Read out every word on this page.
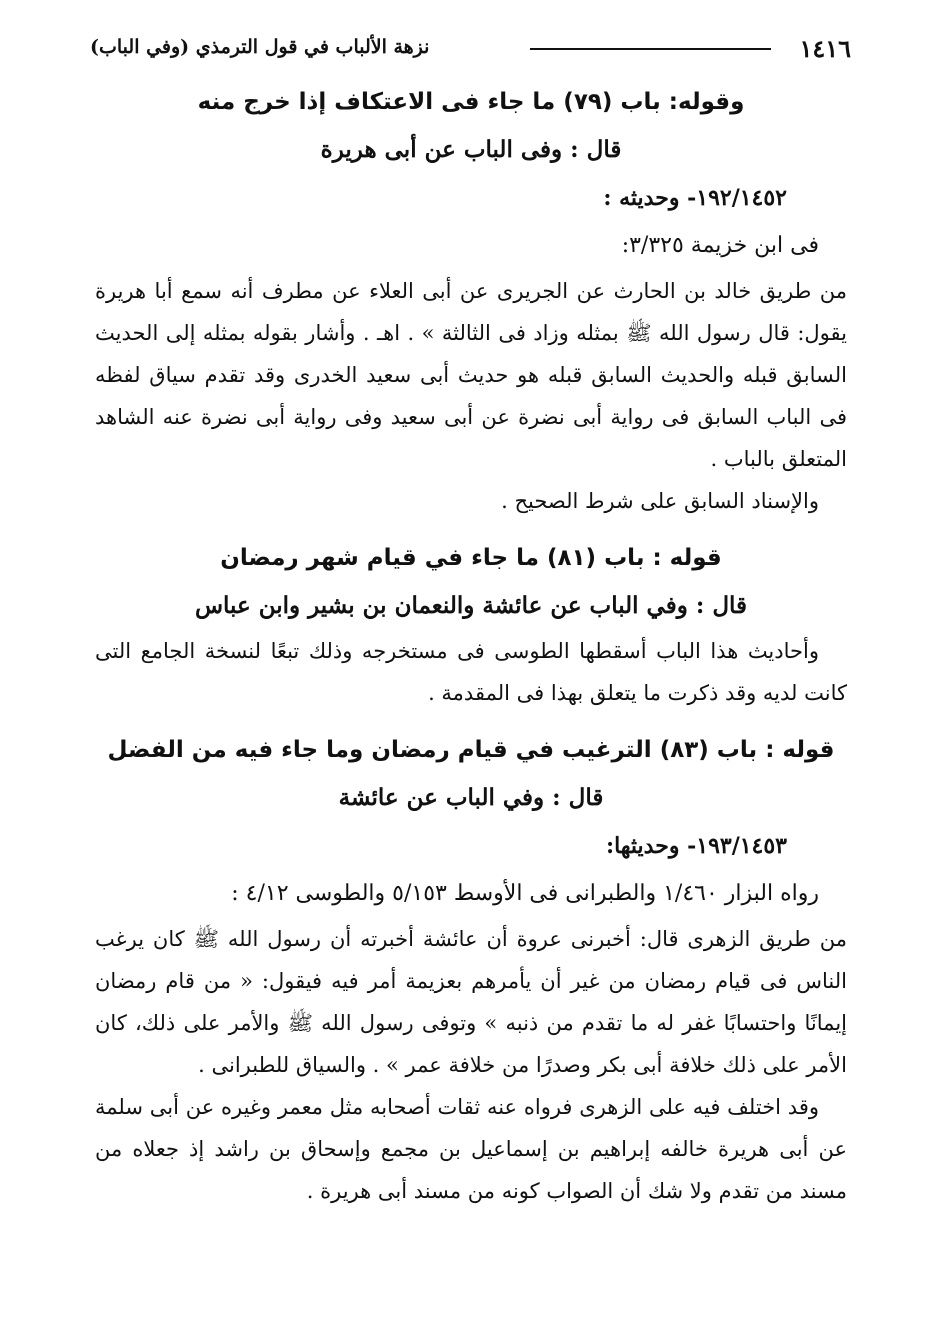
١٤١٦
نزهة الألباب في قول الترمذي (وفي الباب)
وقوله: باب (٧٩) ما جاء فى الاعتكاف إذا خرج منه
قال : وفى الباب عن أبى هريرة
١٩٢/١٤٥٢- وحديثه :
فى ابن خزيمة ٣/٣٢٥:

من طريق خالد بن الحارث عن الجريرى عن أبى العلاء عن مطرف أنه سمع أبا هريرة يقول: قال رسول الله ﷺ بمثله وزاد فى الثالثة » . اهـ . وأشار بقوله بمثله إلى الحديث السابق قبله والحديث السابق قبله هو حديث أبى سعيد الخدرى وقد تقدم سياق لفظه فى الباب السابق فى رواية أبى نضرة عن أبى سعيد وفى رواية أبى نضرة عنه الشاهد المتعلق بالباب .

والإسناد السابق على شرط الصحيح .

قوله : باب (٨١) ما جاء في قيام شهر رمضان
قال : وفي الباب عن عائشة والنعمان بن بشير وابن عباس

وأحاديث هذا الباب أسقطها الطوسى فى مستخرجه وذلك تبعًا لنسخة الجامع التى كانت لديه وقد ذكرت ما يتعلق بهذا فى المقدمة .

قوله : باب (٨٣) الترغيب في قيام رمضان وما جاء فيه من الفضل
قال : وفي الباب عن عائشة
١٩٣/١٤٥٣- وحديثها:
رواه البزار ١/٤٦٠ والطبرانى فى الأوسط ٥/١٥٣ والطوسى ٤/١٢ :

من طريق الزهرى قال: أخبرنى عروة أن عائشة أخبرته أن رسول الله ﷺ كان يرغب الناس فى قيام رمضان من غير أن يأمرهم بعزيمة أمر فيه فيقول: « من قام رمضان إيمانًا واحتسابًا غفر له ما تقدم من ذنبه » وتوفى رسول الله ﷺ والأمر على ذلك، كان الأمر على ذلك خلافة أبى بكر وصدرًا من خلافة عمر » . والسياق للطبرانى .

وقد اختلف فيه على الزهرى فرواه عنه ثقات أصحابه مثل معمر وغيره عن أبى سلمة عن أبى هريرة خالفه إبراهيم بن إسماعيل بن مجمع وإسحاق بن راشد إذ جعلاه من مسند من تقدم ولا شك أن الصواب كونه من مسند أبى هريرة .
